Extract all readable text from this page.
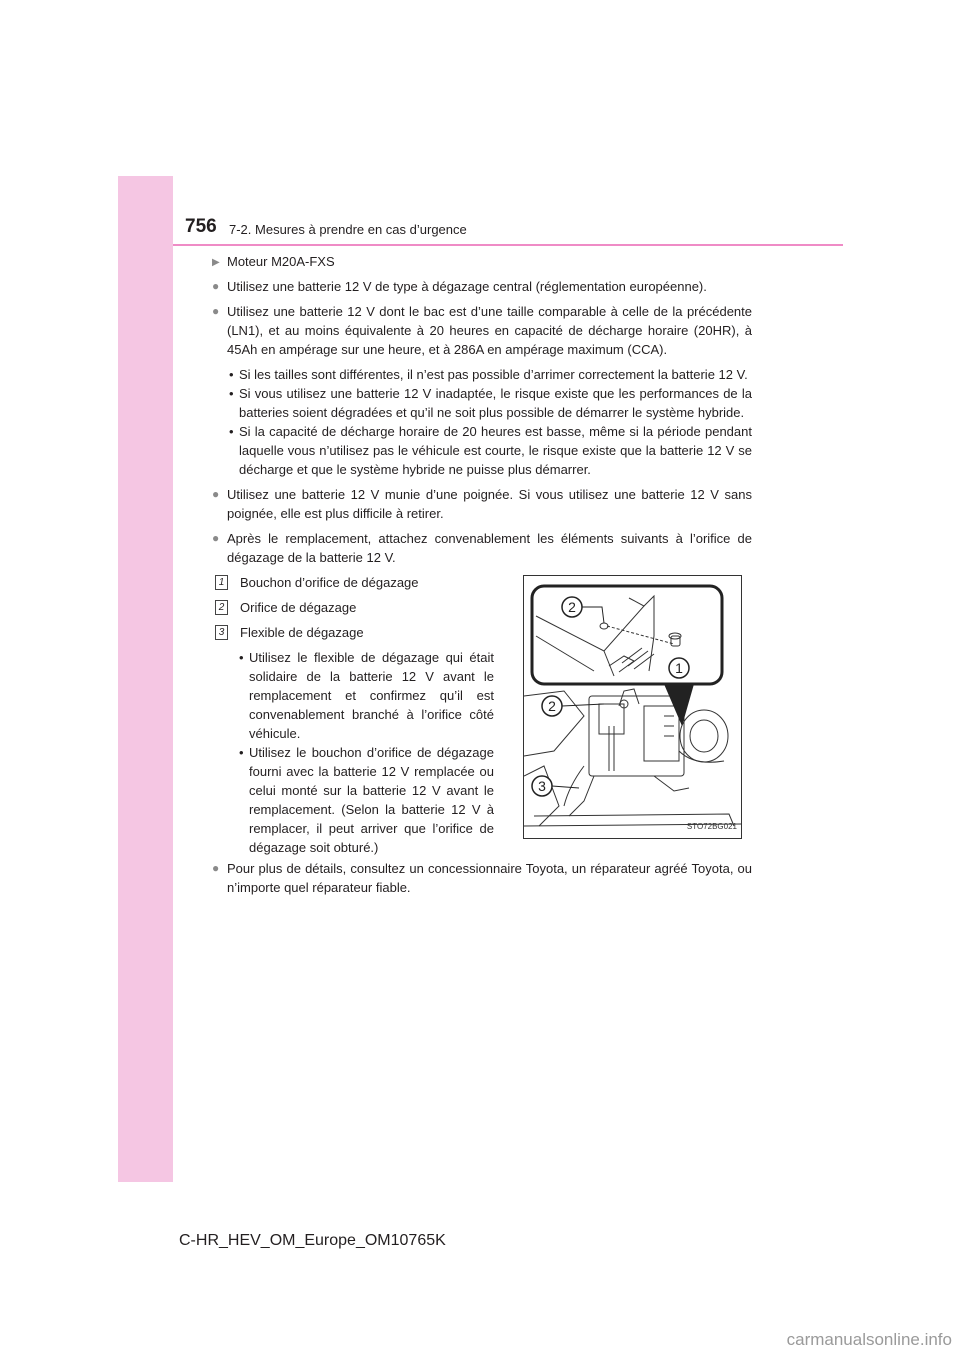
756 7-2. Mesures à prendre en cas d’urgence
▶ Moteur M20A-FXS
● Utilisez une batterie 12 V de type à dégazage central (réglementation européenne).
● Utilisez une batterie 12 V dont le bac est d’une taille comparable à celle de la précédente (LN1), et au moins équivalente à 20 heures en capacité de décharge horaire (20HR), à 45Ah en ampérage sur une heure, et à 286A en ampérage maximum (CCA).
• Si les tailles sont différentes, il n’est pas possible d’arrimer correctement la batterie 12 V.
• Si vous utilisez une batterie 12 V inadaptée, le risque existe que les performances de la batteries soient dégradées et qu’il ne soit plus possible de démarrer le système hybride.
• Si la capacité de décharge horaire de 20 heures est basse, même si la période pendant laquelle vous n’utilisez pas le véhicule est courte, le risque existe que la batterie 12 V se décharge et que le système hybride ne puisse plus démarrer.
● Utilisez une batterie 12 V munie d’une poignée. Si vous utilisez une batterie 12 V sans poignée, elle est plus difficile à retirer.
● Après le remplacement, attachez convenablement les éléments suivants à l’orifice de dégazage de la batterie 12 V.
1 Bouchon d’orifice de dégazage
2 Orifice de dégazage
3 Flexible de dégazage
• Utilisez le flexible de dégazage qui était solidaire de la batterie 12 V avant le remplacement et confirmez qu’il est convenablement branché à l’orifice côté véhicule.
• Utilisez le bouchon d’orifice de dégazage fourni avec la batterie 12 V remplacée ou celui monté sur la batterie 12 V avant le remplacement. (Selon la batterie 12 V à remplacer, il peut arriver que l’orifice de dégazage soit obturé.)
2
1
2
3
STO72BG021
● Pour plus de détails, consultez un concessionnaire Toyota, un réparateur agréé Toyota, ou n’importe quel réparateur fiable.
C-HR_HEV_OM_Europe_OM10765K
carmanualsonline.info
